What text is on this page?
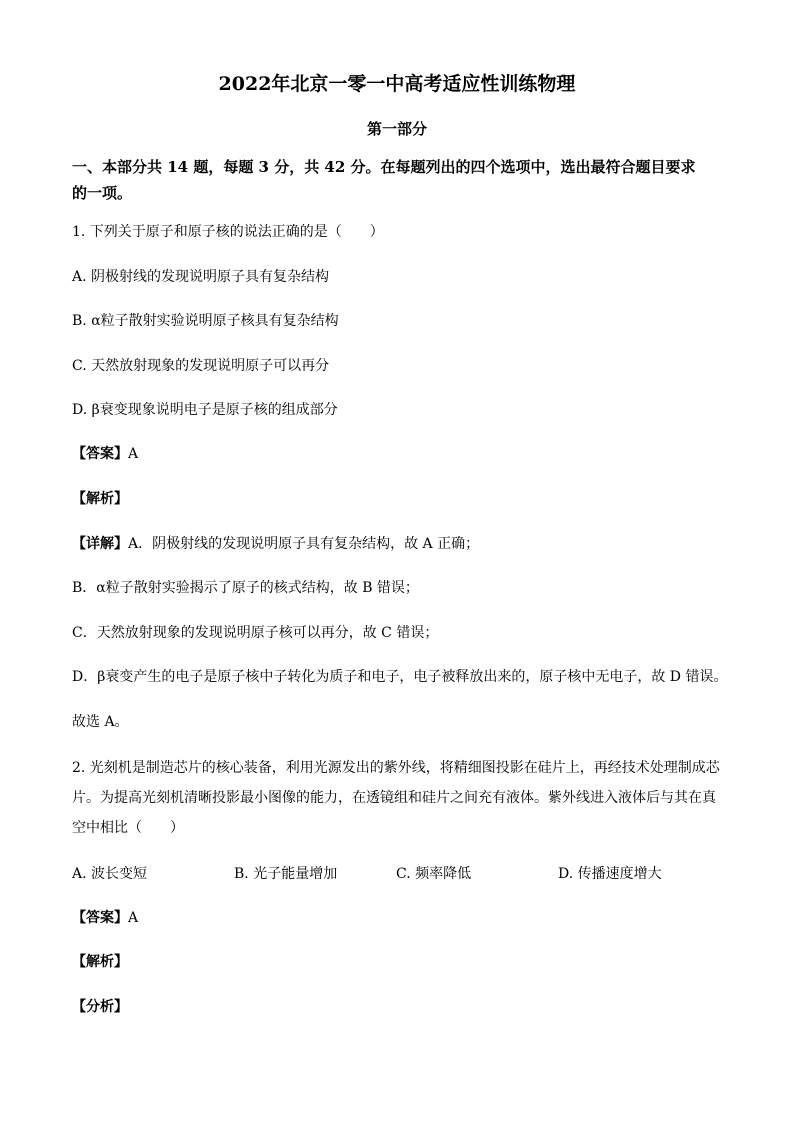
2022年北京一零一中高考适应性训练物理
第一部分
一、本部分共 14 题，每题 3 分，共 42 分。在每题列出的四个选项中，选出最符合题目要求
的一项。
1. 下列关于原子和原子核的说法正确的是（　　）
A. 阴极射线的发现说明原子具有复杂结构
B. α粒子散射实验说明原子核具有复杂结构
C. 天然放射现象的发现说明原子可以再分
D. β衰变现象说明电子是原子核的组成部分
【答案】A
【解析】
【详解】A．阴极射线的发现说明原子具有复杂结构，故 A 正确；
B．α粒子散射实验揭示了原子的核式结构，故 B 错误；
C．天然放射现象的发现说明原子核可以再分，故 C 错误；
D．β衰变产生的电子是原子核中子转化为质子和电子，电子被释放出来的，原子核中无电子，故 D 错误。
故选 A。
2. 光刻机是制造芯片的核心装备，利用光源发出的紫外线，将精细图投影在硅片上，再经技术处理制成芯
片。为提高光刻机清晰投影最小图像的能力，在透镜组和硅片之间充有液体。紫外线进入液体后与其在真
空中相比（　　）
A. 波长变短	B. 光子能量增加	C. 频率降低	D. 传播速度增大
【答案】A
【解析】
【分析】
